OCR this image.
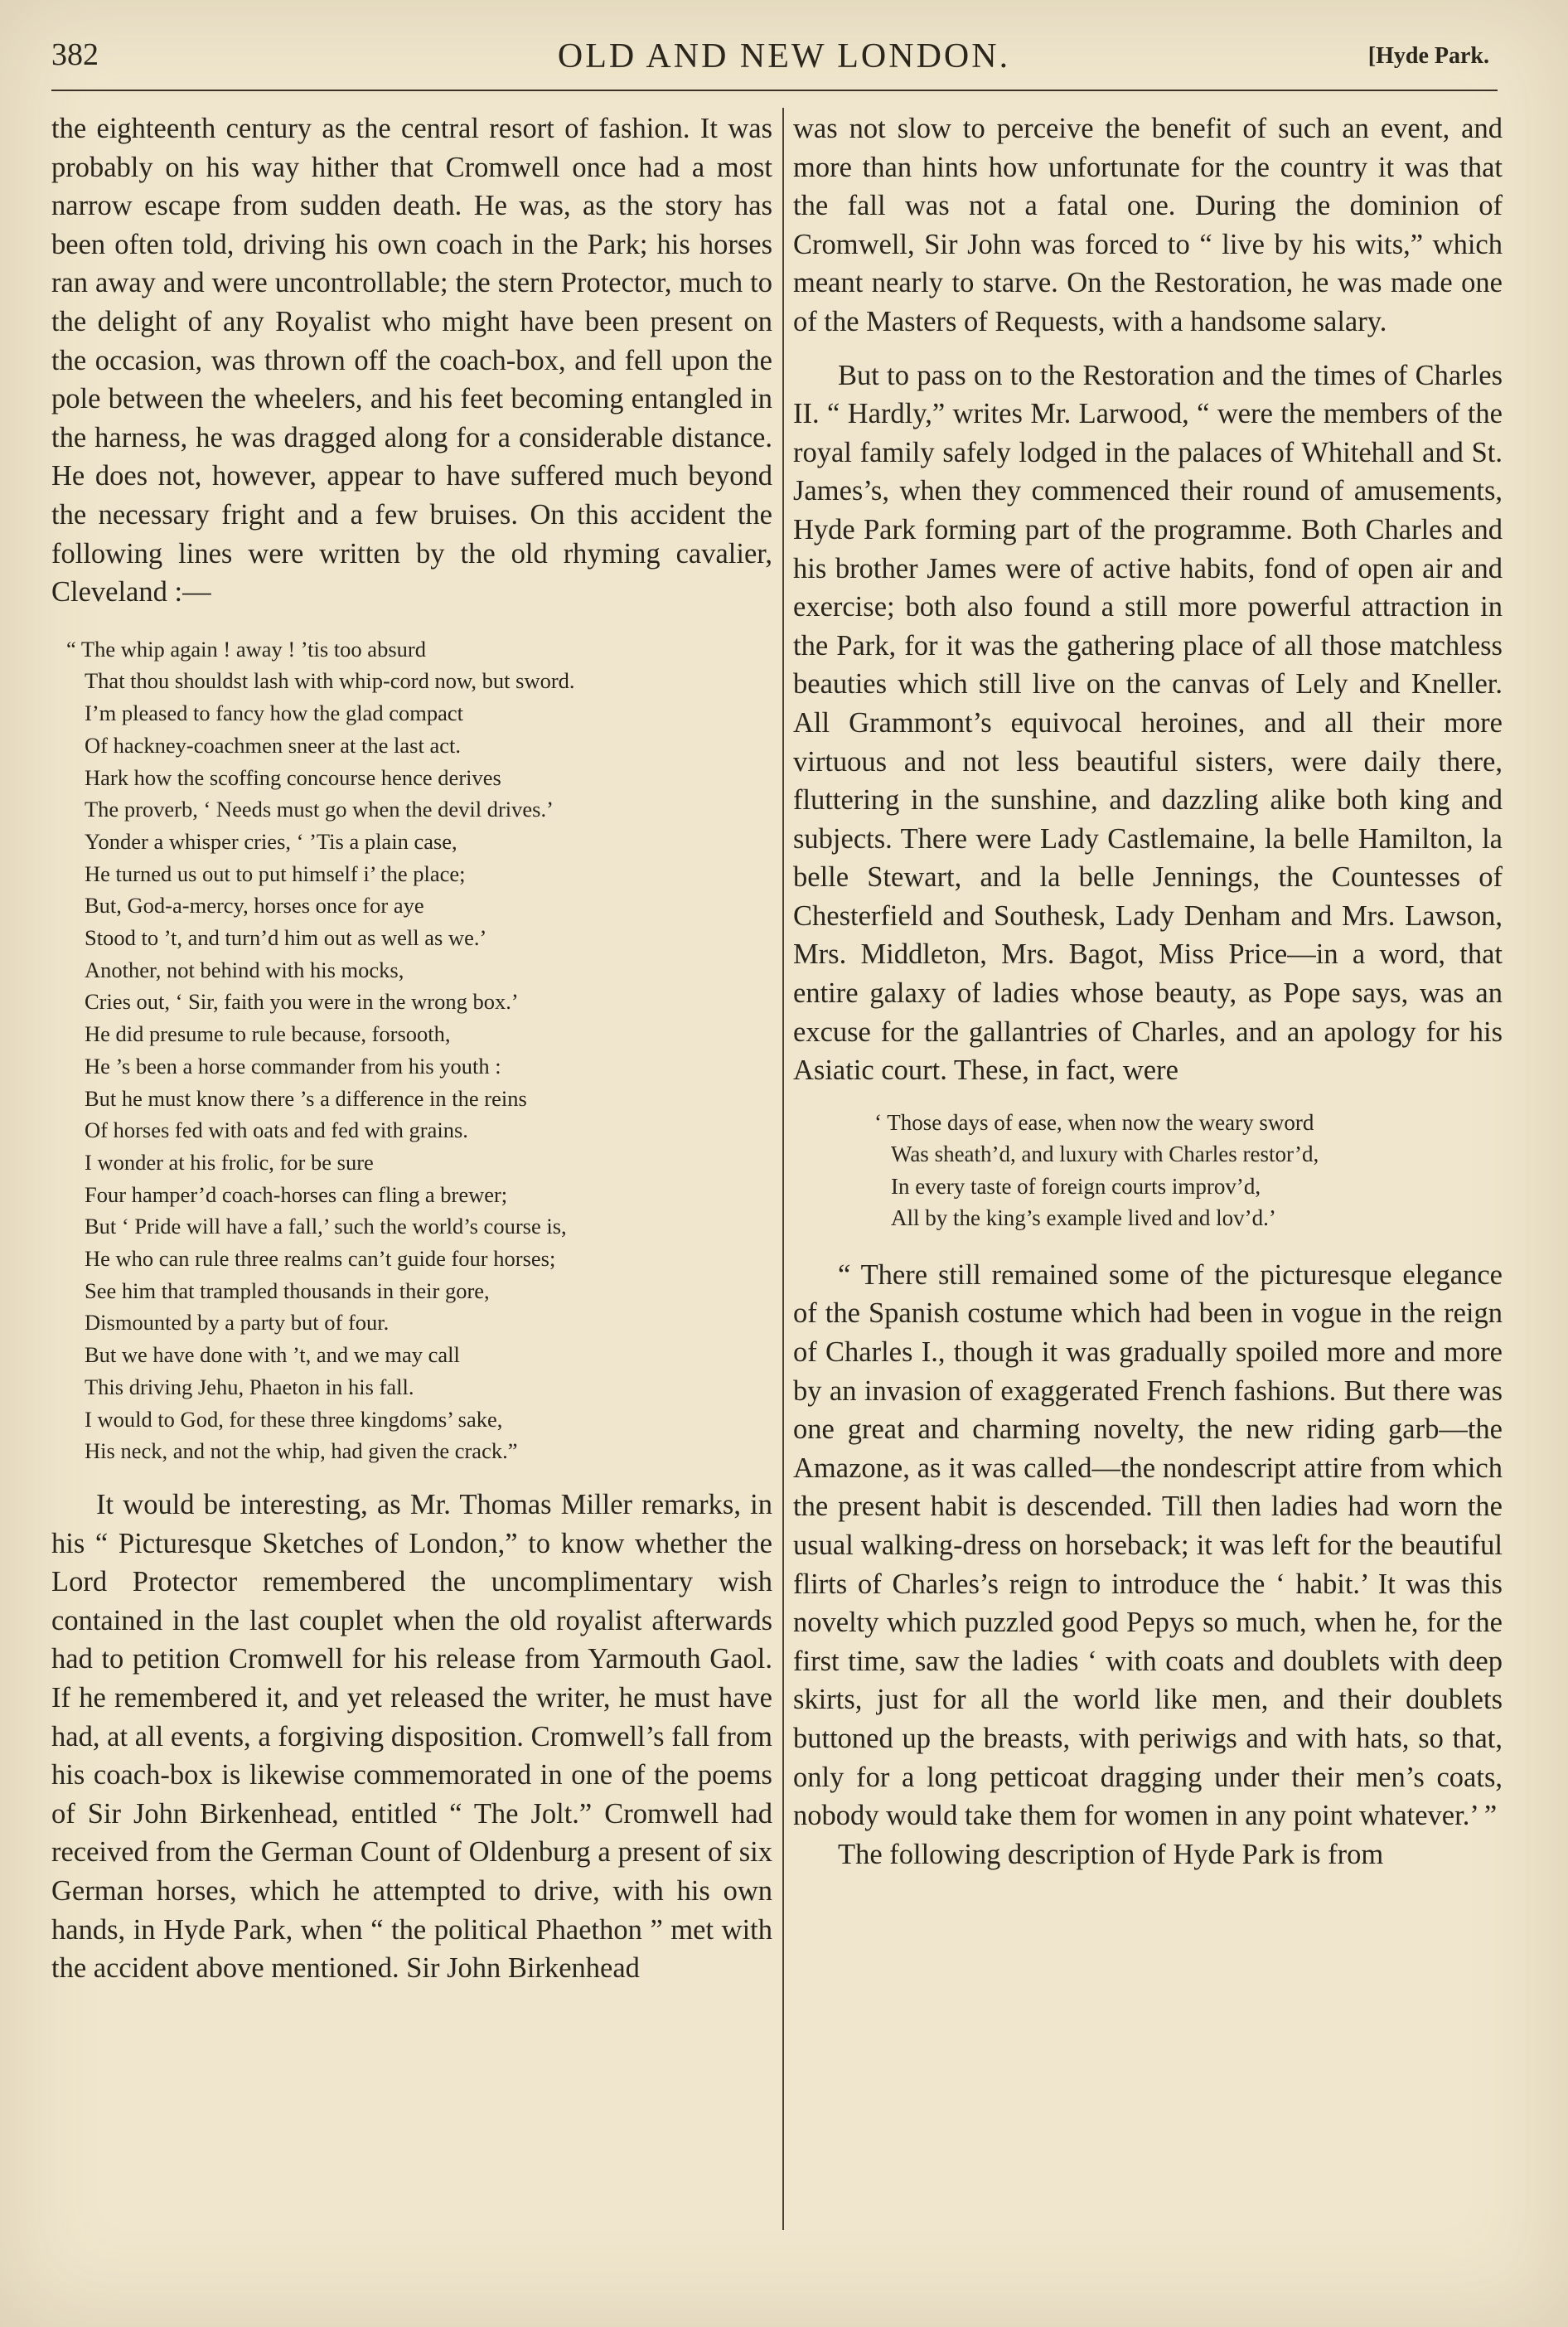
382	OLD AND NEW LONDON.	[Hyde Park.

the eighteenth century as the central resort of fashion. It was probably on his way hither that Cromwell once had a most narrow escape from sudden death. He was, as the story has been often told, driving his own coach in the Park; his horses ran away and were uncontrollable; the stern Protector, much to the delight of any Royalist who might have been present on the occasion, was thrown off the coach-box, and fell upon the pole between the wheelers, and his feet becoming entangled in the harness, he was dragged along for a considerable distance. He does not, however, appear to have suffered much beyond the necessary fright and a few bruises. On this accident the following lines were written by the old rhyming cavalier, Cleveland :—

“ The whip again ! away ! ’tis too absurd
That thou shouldst lash with whip-cord now, but sword.
I’m pleased to fancy how the glad compact
Of hackney-coachmen sneer at the last act.
Hark how the scoffing concourse hence derives
The proverb, ‘ Needs must go when the devil drives.’
Yonder a whisper cries, ‘ ’Tis a plain case,
He turned us out to put himself i’ the place;
But, God-a-mercy, horses once for aye
Stood to ’t, and turn’d him out as well as we.’
Another, not behind with his mocks,
Cries out, ‘ Sir, faith you were in the wrong box.’
He did presume to rule because, forsooth,
He ’s been a horse commander from his youth :
But he must know there ’s a difference in the reins
Of horses fed with oats and fed with grains.
I wonder at his frolic, for be sure
Four hamper’d coach-horses can fling a brewer;
But ‘ Pride will have a fall,’ such the world’s course is,
He who can rule three realms can’t guide four horses;
See him that trampled thousands in their gore,
Dismounted by a party but of four.
But we have done with ’t, and we may call
This driving Jehu, Phaeton in his fall.
I would to God, for these three kingdoms’ sake,
His neck, and not the whip, had given the crack.”

It would be interesting, as Mr. Thomas Miller remarks, in his “ Picturesque Sketches of London,” to know whether the Lord Protector remembered the uncomplimentary wish contained in the last couplet when the old royalist afterwards had to petition Cromwell for his release from Yarmouth Gaol. If he remembered it, and yet released the writer, he must have had, at all events, a forgiving disposition. Cromwell’s fall from his coach-box is likewise commemorated in one of the poems of Sir John Birkenhead, entitled “ The Jolt.” Cromwell had received from the German Count of Oldenburg a present of six German horses, which he attempted to drive, with his own hands, in Hyde Park, when “ the political Phaethon ” met with the accident above mentioned. Sir John Birkenhead

was not slow to perceive the benefit of such an event, and more than hints how unfortunate for the country it was that the fall was not a fatal one. During the dominion of Cromwell, Sir John was forced to “ live by his wits,” which meant nearly to starve. On the Restoration, he was made one of the Masters of Requests, with a handsome salary.

But to pass on to the Restoration and the times of Charles II. “ Hardly,” writes Mr. Larwood, “ were the members of the royal family safely lodged in the palaces of Whitehall and St. James’s, when they commenced their round of amusements, Hyde Park forming part of the programme. Both Charles and his brother James were of active habits, fond of open air and exercise; both also found a still more powerful attraction in the Park, for it was the gathering place of all those matchless beauties which still live on the canvas of Lely and Kneller. All Grammont’s equivocal heroines, and all their more virtuous and not less beautiful sisters, were daily there, fluttering in the sunshine, and dazzling alike both king and subjects. There were Lady Castlemaine, la belle Hamilton, la belle Stewart, and la belle Jennings, the Countesses of Chesterfield and Southesk, Lady Denham and Mrs. Lawson, Mrs. Middleton, Mrs. Bagot, Miss Price—in a word, that entire galaxy of ladies whose beauty, as Pope says, was an excuse for the gallantries of Charles, and an apology for his Asiatic court. These, in fact, were

‘ Those days of ease, when now the weary sword
Was sheath’d, and luxury with Charles restor’d,
In every taste of foreign courts improv’d,
All by the king’s example lived and lov’d.’

“ There still remained some of the picturesque elegance of the Spanish costume which had been in vogue in the reign of Charles I., though it was gradually spoiled more and more by an invasion of exaggerated French fashions. But there was one great and charming novelty, the new riding garb—the Amazone, as it was called—the nondescript attire from which the present habit is descended. Till then ladies had worn the usual walking-dress on horseback; it was left for the beautiful flirts of Charles’s reign to introduce the ‘ habit.’ It was this novelty which puzzled good Pepys so much, when he, for the first time, saw the ladies ‘ with coats and doublets with deep skirts, just for all the world like men, and their doublets buttoned up the breasts, with periwigs and with hats, so that, only for a long petticoat dragging under their men’s coats, nobody would take them for women in any point whatever.’ ”

The following description of Hyde Park is from
